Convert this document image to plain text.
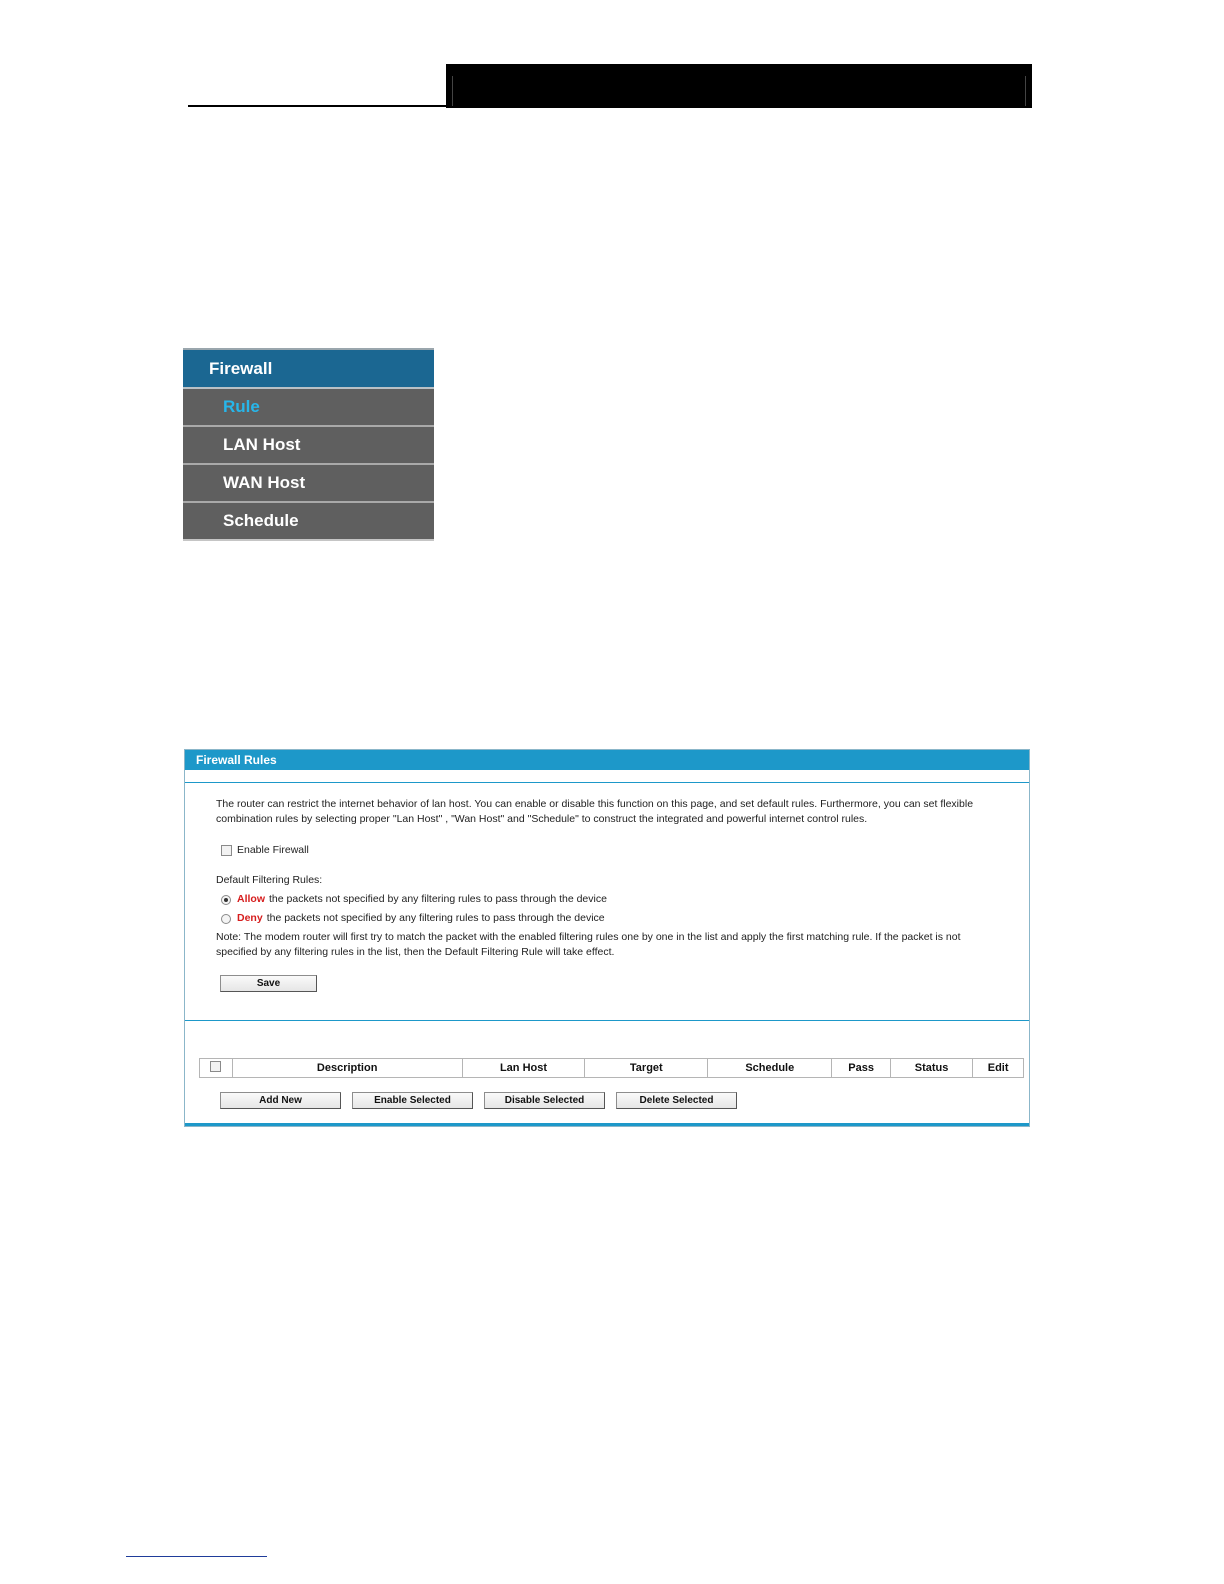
Firewall
Rule
LAN Host
WAN Host
Schedule
Firewall Rules

The router can restrict the internet behavior of lan host. You can enable or disable this function on this page, and set default rules. Furthermore, you can set flexible
combination rules by selecting proper "Lan Host" , "Wan Host" and "Schedule" to construct the integrated and powerful internet control rules.

Enable Firewall
Default Filtering Rules:
Allow the packets not specified by any filtering rules to pass through the device
Deny the packets not specified by any filtering rules to pass through the device
Note: The modem router will first try to match the packet with the enabled filtering rules one by one in the list and apply the first matching rule. If the packet is not
specified by any filtering rules in the list, then the Default Filtering Rule will take effect.
Save
	Description	Lan Host	Target	Schedule	Pass	Status	Edit
Add New	Enable Selected	Disable Selected	Delete Selected
